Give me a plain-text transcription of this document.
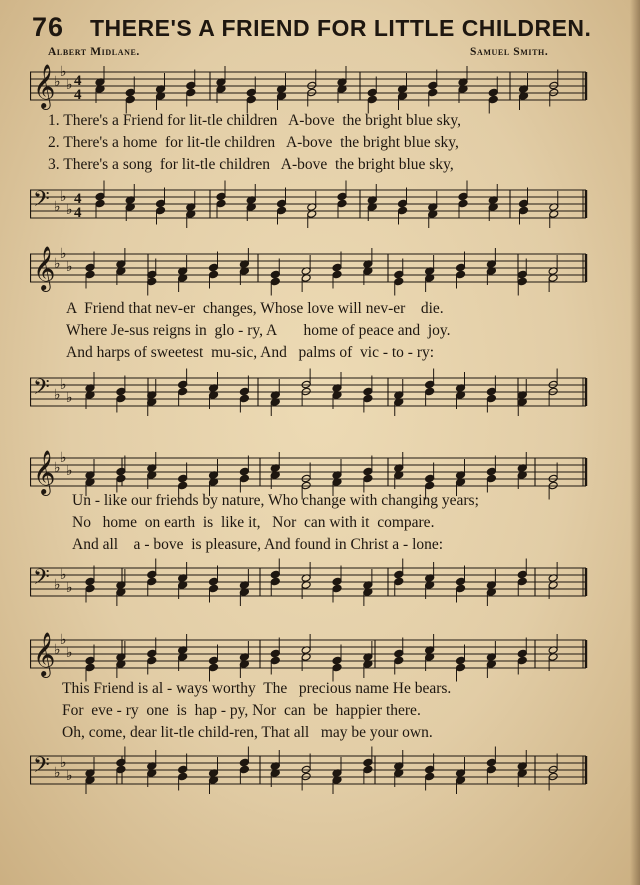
76 THERE'S A FRIEND FOR LITTLE CHILDREN.
Albert Midlane.	Samuel Smith.
𝄞
♭
♭
♭ 4
4
1. There's a Friend for lit-tle children   A-bove  the bright blue sky,
2. There's a home  for lit-tle children   A-bove  the bright blue sky,
3. There's a song  for lit-tle children   A-bove  the bright blue sky,
𝄢 ♭
♭
♭
4
4
𝄞
♭
♭
♭
A  Friend that nev-er  changes, Whose love will nev-er    die.
Where Je-sus reigns in  glo - ry, A       home of peace and  joy.
And harps of sweetest  mu-sic, And   palms of  vic - to - ry:
𝄢 ♭
♭
♭
𝄞
♭
♭
♭
Un - like our friends by nature, Who change with changing years;
No   home  on earth  is  like it,   Nor  can with it  compare.
And all    a - bove  is pleasure, And found in Christ a - lone:
𝄢 ♭
♭
♭
𝄞
♭
♭
♭
This Friend is al - ways worthy  The   precious name He bears.
For  eve - ry  one  is  hap - py, Nor  can  be  happier there.
Oh, come, dear lit-tle child-ren, That all   may be your own.
𝄢 ♭
♭
♭
